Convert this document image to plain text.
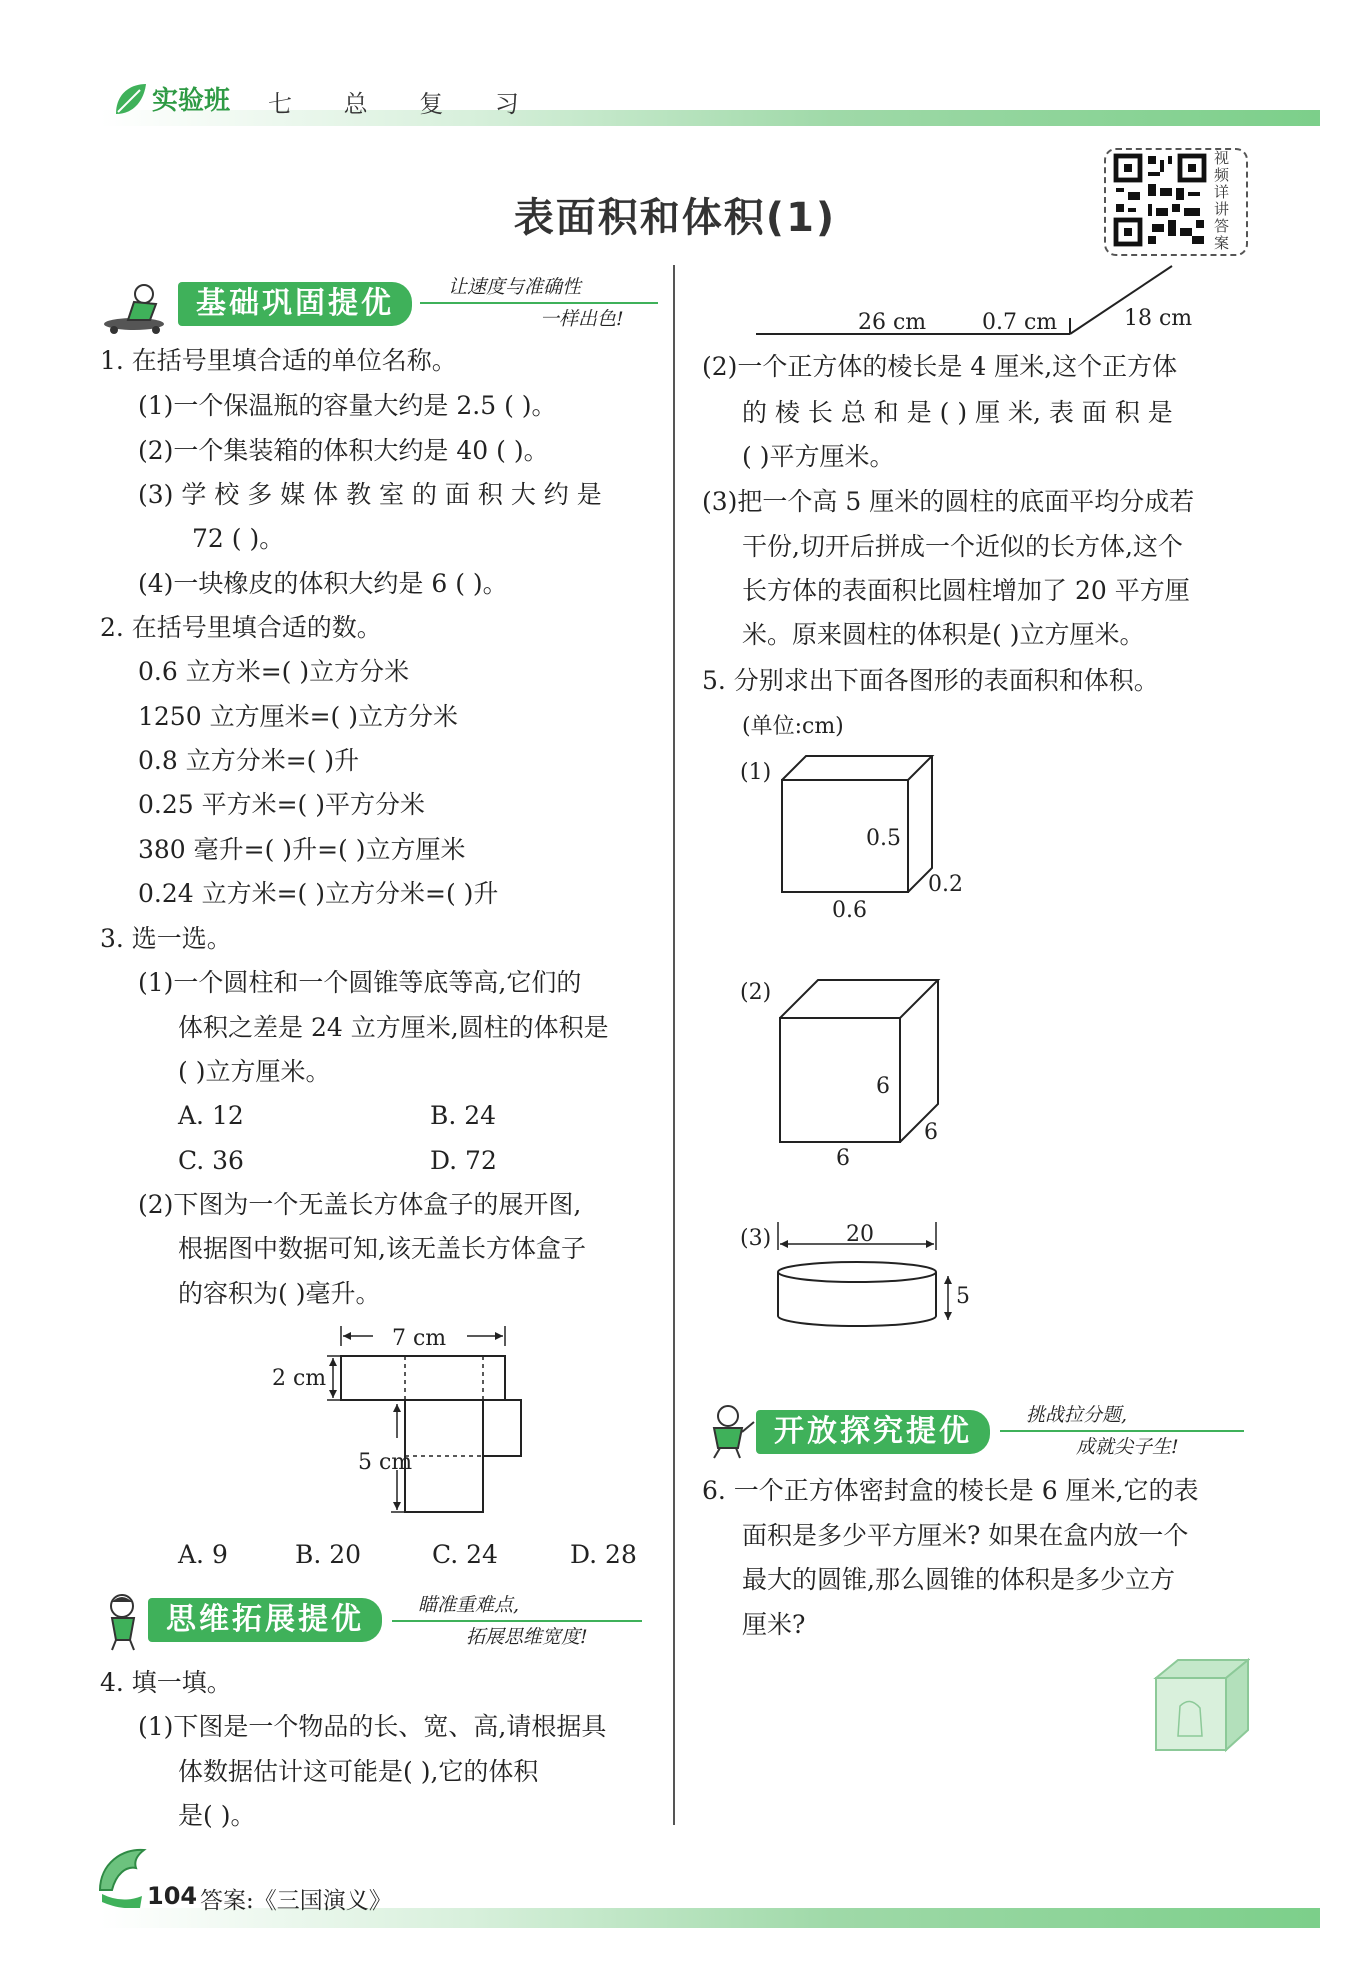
实验班 七 总 复 习
表面积和体积(1)
视频详讲答案
基础巩固提优	让速度与准确性
一样出色!
1. 在括号里填合适的单位名称。
(1)一个保温瓶的容量大约是 2.5 ( )。
(2)一个集装箱的体积大约是 40 ( )。
(3) 学 校 多 媒 体 教 室 的 面 积 大 约 是
72 ( )。
(4)一块橡皮的体积大约是 6 ( )。
2. 在括号里填合适的数。
0.6 立方米=( )立方分米
1250 立方厘米=( )立方分米
0.8 立方分米=( )升
0.25 平方米=( )平方分米
380 毫升=( )升=( )立方厘米
0.24 立方米=( )立方分米=( )升
3. 选一选。
(1)一个圆柱和一个圆锥等底等高,它们的
体积之差是 24 立方厘米,圆柱的体积是
( )立方厘米。
A. 12	B. 24
C. 36	D. 72
(2)下图为一个无盖长方体盒子的展开图,
根据图中数据可知,该无盖长方体盒子
的容积为( )毫升。
7 cm
2 cm
5 cm
A. 9	B. 20	C. 24	D. 28
思维拓展提优	瞄准重难点,
拓展思维宽度!
4. 填一填。
(1)下图是一个物品的长、宽、高,请根据具
体数据估计这可能是( ),它的体积
是( )。
26 cm	0.7 cm	18 cm
(2)一个正方体的棱长是 4 厘米,这个正方体
的 棱 长 总 和 是 ( ) 厘 米, 表 面 积 是
( )平方厘米。
(3)把一个高 5 厘米的圆柱的底面平均分成若
干份,切开后拼成一个近似的长方体,这个
长方体的表面积比圆柱增加了 20 平方厘
米。原来圆柱的体积是( )立方厘米。
5. 分别求出下面各图形的表面积和体积。
(单位:cm)
(1)
0.5
0.2
0.6
(2)
6
6
6
(3)	20
5
开放探究提优	挑战拉分题,
成就尖子生!
6. 一个正方体密封盒的棱长是 6 厘米,它的表
面积是多少平方厘米? 如果在盒内放一个
最大的圆锥,那么圆锥的体积是多少立方
厘米?
104 答案:《三国演义》
